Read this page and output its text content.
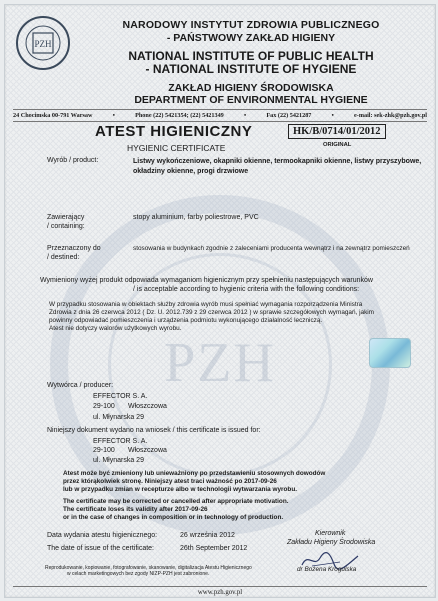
PZH
PZH
NARODOWY INSTYTUT ZDROWIA PUBLICZNEGO
- PAŃSTWOWY ZAKŁAD HIGIENY
NATIONAL INSTITUTE OF PUBLIC HEALTH
- NATIONAL INSTITUTE OF HYGIENE
ZAKŁAD HIGIENY ŚRODOWISKA
DEPARTMENT OF ENVIRONMENTAL HYGIENE
24 Chocimska 00-791 Warsaw	•	Phone (22) 5421354; (22) 5421349	•	Fax (22) 5421287	•	e-mail: sek-zhk@pzh.gov.pl
ATEST HIGIENICZNY	HK/B/0714/01/2012
ORIGINAL
HYGIENIC CERTIFICATE
Wyrób / product:	Listwy wykończeniowe, okapniki okienne, termookapniki okienne, listwy przyszybowe, okładziny okienne, progi drzwiowe
Zawierający
/ containing:
stopy aluminium, farby poliestrowe, PVC
Przeznaczony do
/ destined:
stosowania w budynkach zgodnie z zaleceniami producenta wewnątrz i na zewnątrz pomieszczeń
Wymieniony wyżej produkt odpowiada wymaganiom higienicznym przy spełnieniu następujących warunków
/ is acceptable according to hygienic criteria with the following conditions:
W przypadku stosowania w obiektach służby zdrowia wyrób musi spełniać wymagania rozporządzenia Ministra
Zdrowia z dnia 26 czerwca 2012 ( Dz. U. 2012.739 z 29 czerwca 2012 ) w sprawie szczegółowych wymagań, jakim
powinny odpowiadać pomieszczenia i urządzenia podmiotu wykonującego działalność leczniczą.
Atest nie dotyczy walorów użytkowych wyrobu.
Wytwórca / producer:
EFFECTOR S. A.
29-100 Włoszczowa
ul. Młynarska 29
Niniejszy dokument wydano na wniosek / this certificate is issued for:
EFFECTOR S. A.
29-100 Włoszczowa
ul. Młynarska 29
Atest może być zmieniony lub unieważniony po przedstawieniu stosownych dowodów
przez którąkolwiek stronę. Niniejszy atest traci ważność po 2017-09-26
lub w przypadku zmian w recepturze albo w technologii wytwarzania wyrobu.
The certificate may be corrected or cancelled after appropriate motivation.
The certificate loses its validity after 2017-09-26
or in the case of changes in composition or in technology of production.
Data wydania atestu higienicznego:	26 września 2012
The date of issue of the certificate:	26th September 2012
Kierownik
Zakładu Higieny Środowiska
dr Bożena Krogulska
Reprodukowanie, kopiowanie, fotografowanie, skanowanie, digitalizacja Atestu Higienicznego
w celach marketingowych bez zgody NIZP-PZH jest zabronione.
www.pzh.gov.pl
